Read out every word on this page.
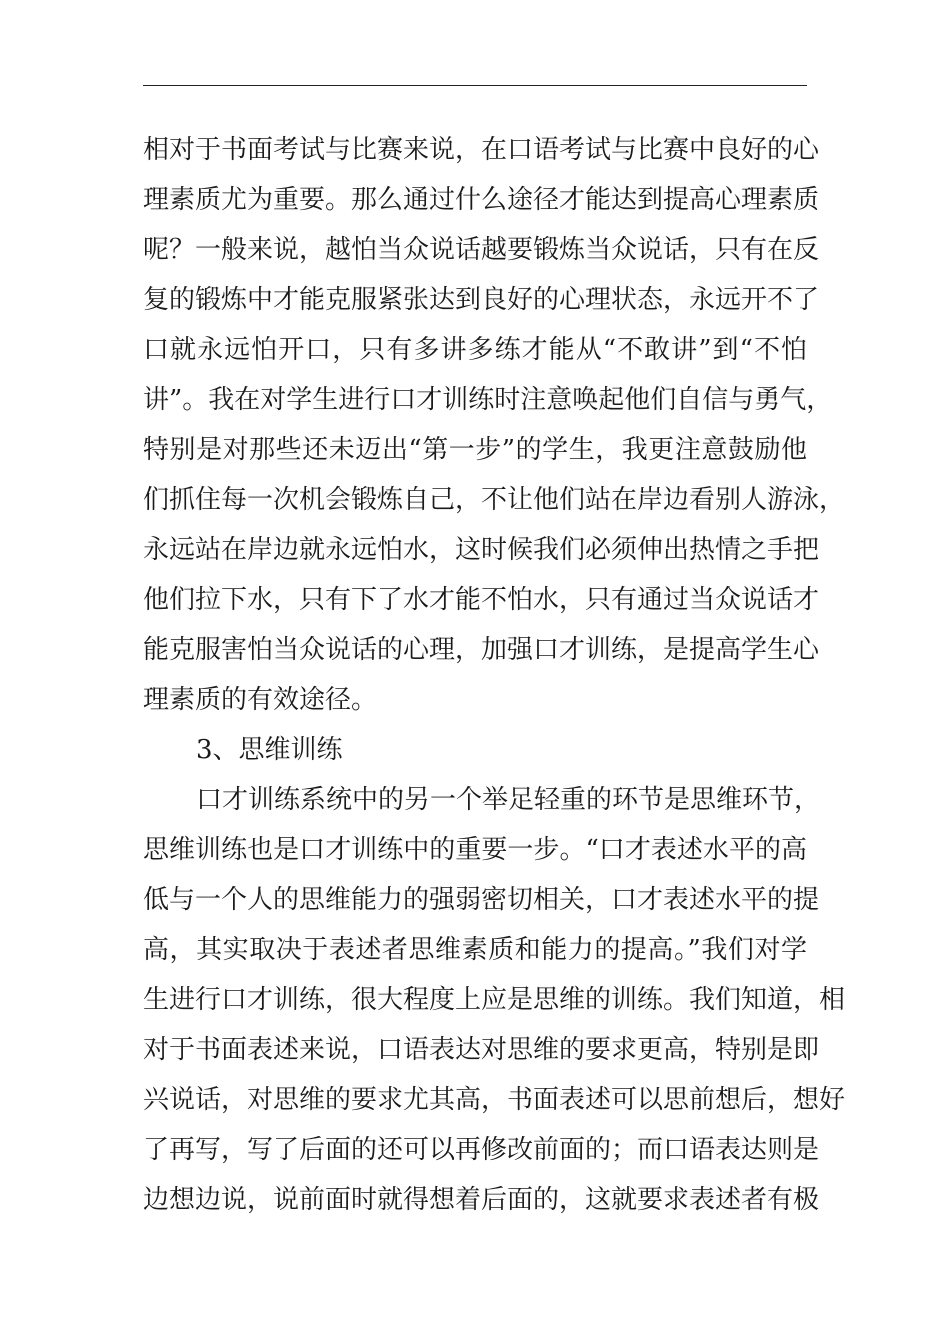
相对于书面考试与比赛来说，在口语考试与比赛中良好的心
理素质尤为重要。那么通过什么途径才能达到提高心理素质
呢？一般来说，越怕当众说话越要锻炼当众说话，只有在反
复的锻炼中才能克服紧张达到良好的心理状态，永远开不了
口就永远怕开口，只有多讲多练才能从“不敢讲”到“不怕
讲”。我在对学生进行口才训练时注意唤起他们自信与勇气，
特别是对那些还未迈出“第一步”的学生，我更注意鼓励他
们抓住每一次机会锻炼自己，不让他们站在岸边看别人游泳，
永远站在岸边就永远怕水，这时候我们必须伸出热情之手把
他们拉下水，只有下了水才能不怕水，只有通过当众说话才
能克服害怕当众说话的心理，加强口才训练，是提高学生心
理素质的有效途径。
3、思维训练
口才训练系统中的另一个举足轻重的环节是思维环节，
思维训练也是口才训练中的重要一步。“口才表述水平的高
低与一个人的思维能力的强弱密切相关，口才表述水平的提
高，其实取决于表述者思维素质和能力的提高。”我们对学
生进行口才训练，很大程度上应是思维的训练。我们知道，相
对于书面表述来说，口语表达对思维的要求更高，特别是即
兴说话，对思维的要求尤其高，书面表述可以思前想后，想好
了再写，写了后面的还可以再修改前面的；而口语表达则是
边想边说，说前面时就得想着后面的，这就要求表述者有极
